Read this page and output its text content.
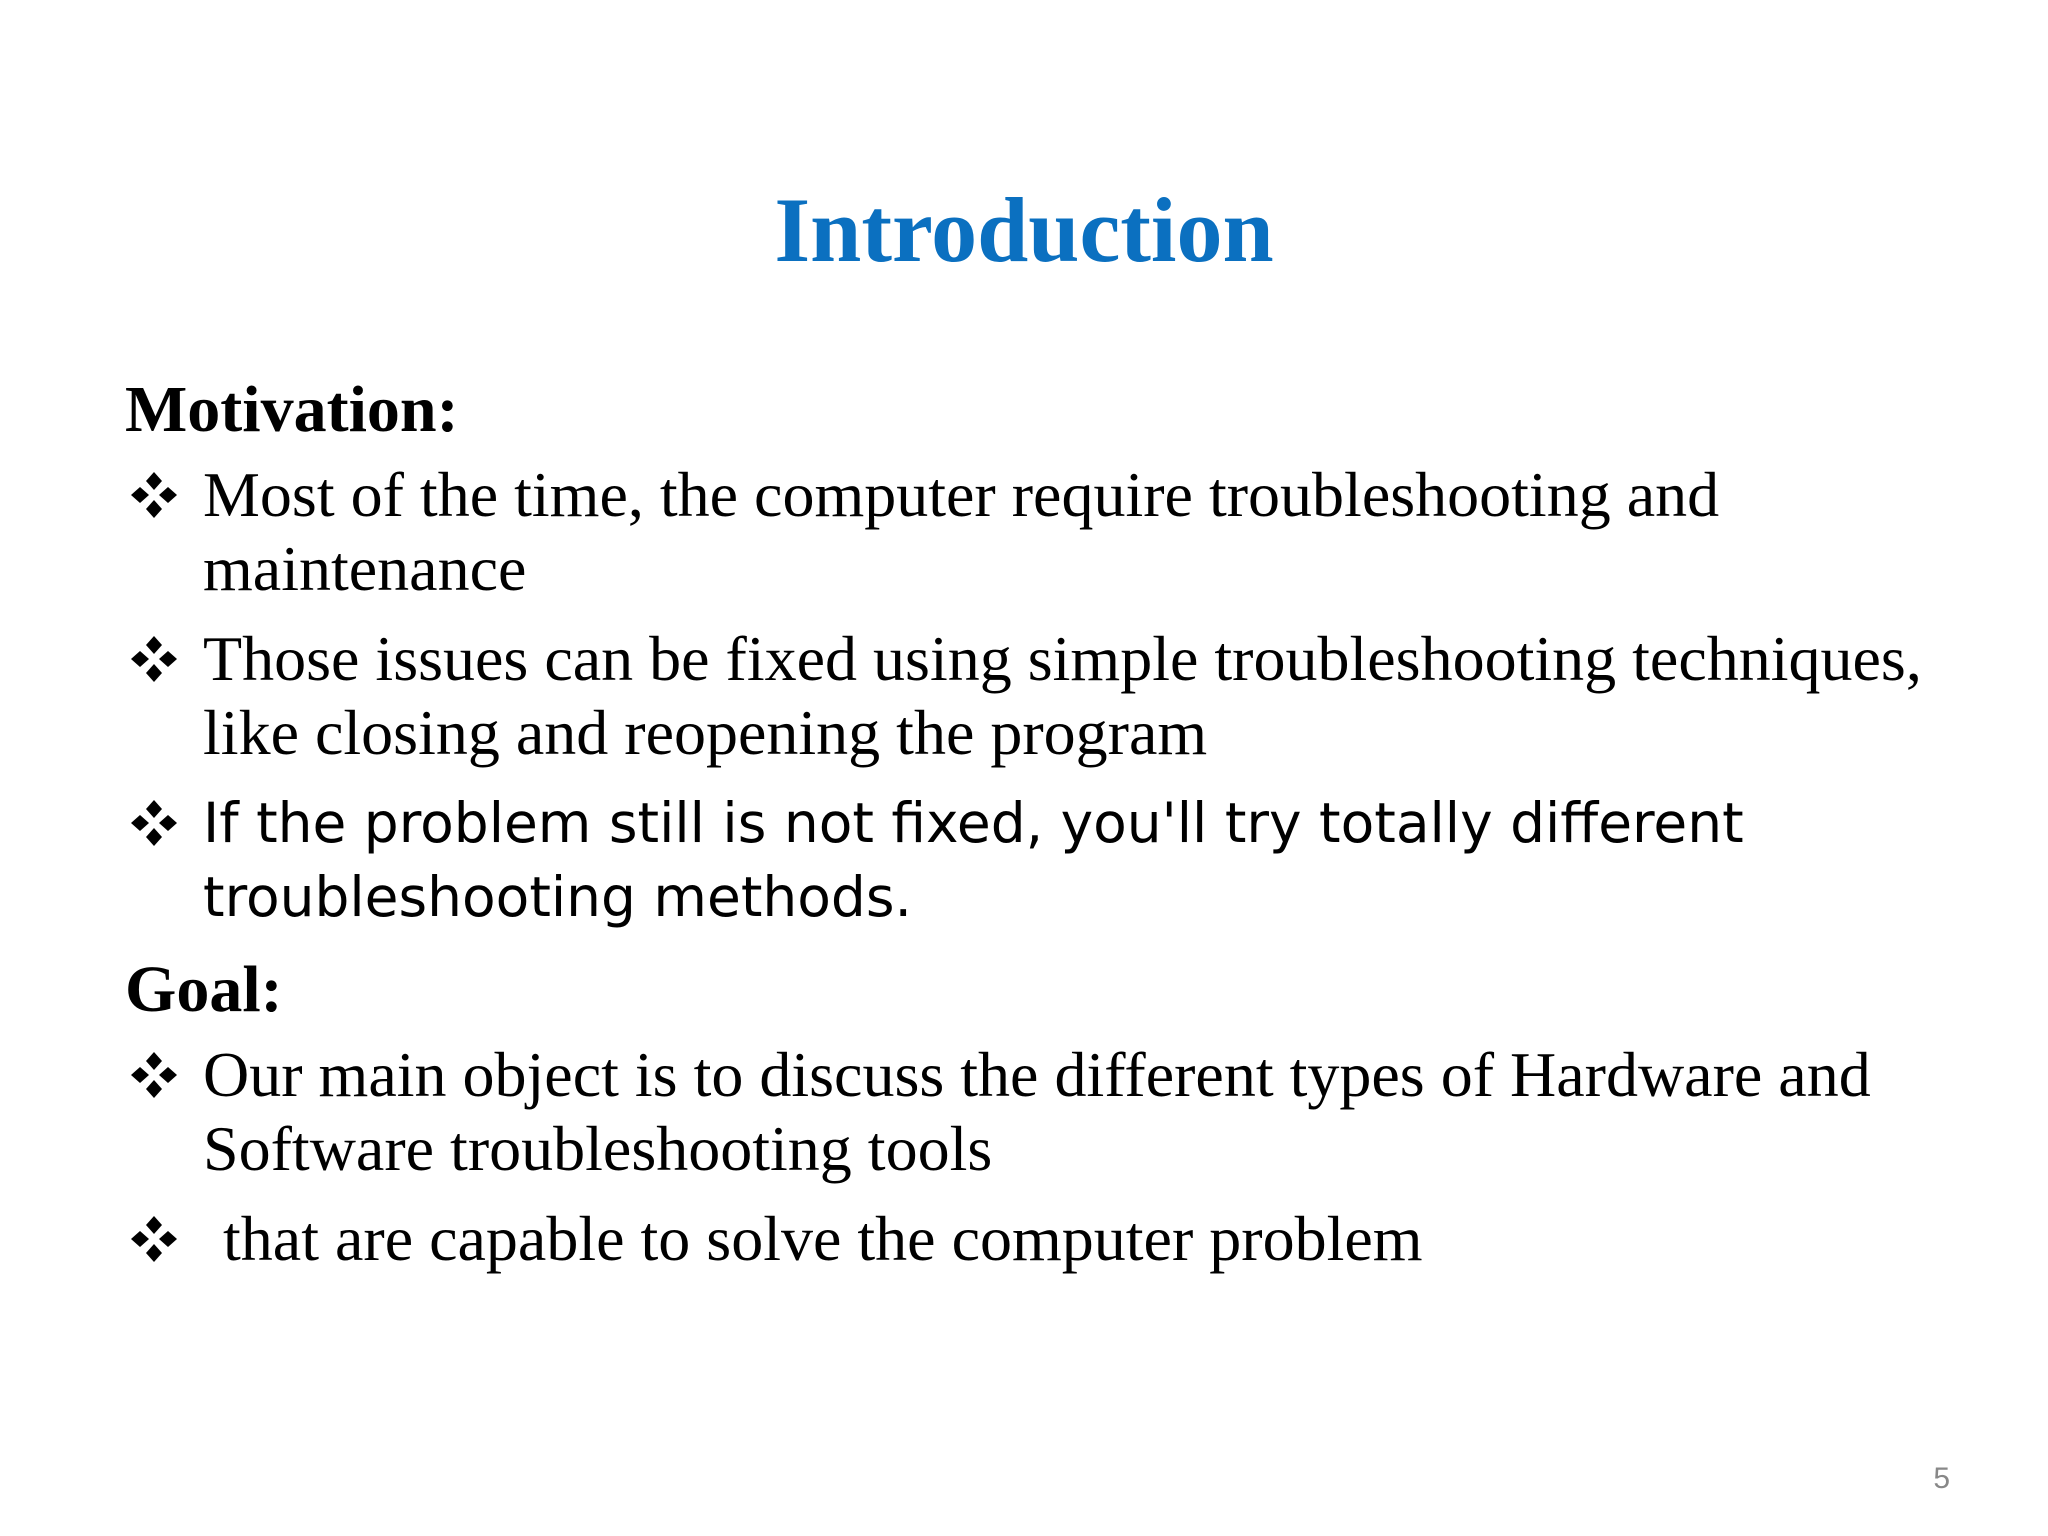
Introduction
Motivation:
Most of the time, the computer require troubleshooting and maintenance
Those issues can be fixed using simple troubleshooting techniques, like closing and reopening the program
If the problem still is not fixed, you'll try totally different troubleshooting methods.
Goal:
Our main object is to discuss the different types of Hardware and Software troubleshooting tools
that are capable to solve the computer problem
5
